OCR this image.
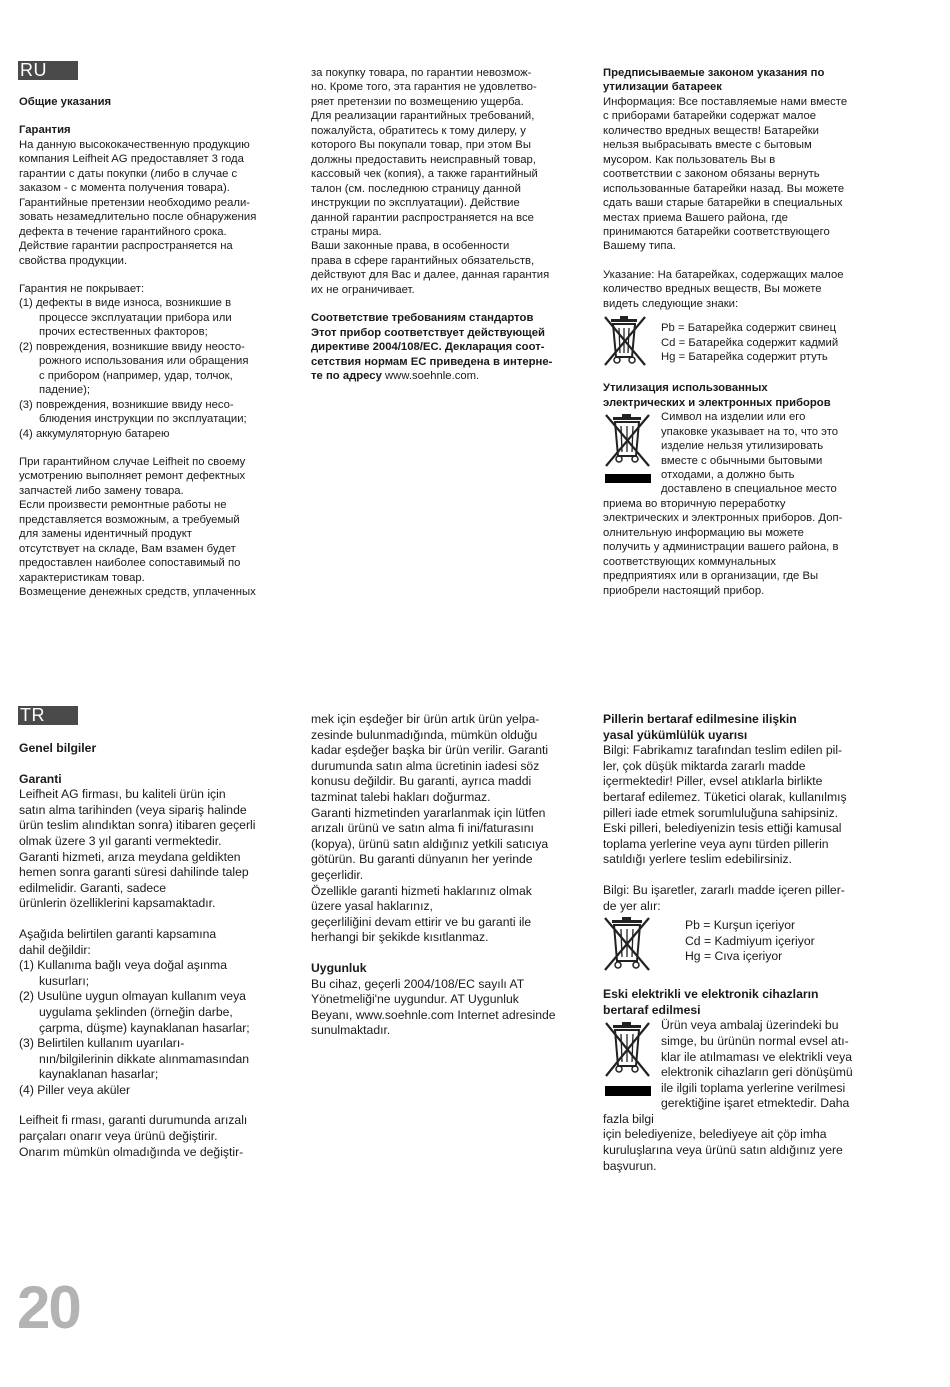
RU

Общие указания

Гарантия

На данную высококачественную продукцию
компания Leifheit AG предоставляет 3 года
гарантии с даты покупки (либо в случае с
заказом - с момента получения товара).
Гарантийные претензии необходимо реали-
зовать незамедлительно после обнаружения
дефекта в течение гарантийного срока.
Действие гарантии распространяется на
свойства продукции.

Гарантия не покрывает:

(1) дефекты в виде износа, возникшие в
процессе эксплуатации прибора или
прочих естественных факторов;

(2) повреждения, возникшие ввиду неосто-
рожного использования или обращения
с прибором (например, удар, толчок,
падение);

(3) повреждения, возникшие ввиду несо-
блюдения инструкции по эксплуатации;

(4) аккумуляторную батарею

При гарантийном случае Leifheit по своему
усмотрению выполняет ремонт дефектных
запчастей либо замену товара.
Если произвести ремонтные работы не
представляется возможным, а требуемый
для замены идентичный продукт
отсутствует на складе, Вам взамен будет
предоставлен наиболее сопоставимый по
характеристикам товар.
Возмещение денежных средств, уплаченных

за покупку товара, по гарантии невозмож-
но. Кроме того, эта гарантия не удовлетво-
ряет претензии по возмещению ущерба.
Для реализации гарантийных требований,
пожалуйста, обратитесь к тому дилеру, у
которого Вы покупали товар, при этом Вы
должны предоставить неисправный товар,
кассовый чек (копия), а также гарантийный
талон (см. последнюю страницу данной
инструкции по эксплуатации). Действие
данной гарантии распространяется на все
страны мира.
Ваши законные права, в особенности
права в сфере гарантийных обязательств,
действуют для Вас и далее, данная гарантия
их не ограничивает.

Соответствие требованиям стандартов

Этот прибор соответствует действующей
директиве 2004/108/EC. Декларация соот-
сетствия нормам ЕС приведена в интерне-
те по адресу www.soehnle.com.

Предписываемые законом указания по
утилизации батареек

Информация: Все поставляемые нами вместе
с приборами батарейки содержат малое
количество вредных веществ! Батарейки
нельзя выбрасывать вместе с бытовым
мусором. Как пользователь Вы в
соответствии с законом обязаны вернуть
использованные батарейки назад. Вы можете
сдать ваши старые батарейки в специальных
местах приема Вашего района, где
принимаются батарейки соответствующего
Вашему типа.

Указание: На батарейках, содержащих малое
количество вредных веществ, Вы можете
видеть следующие знаки:

Pb = Батарейка содержит свинец

Cd = Батарейка содержит кадмий

Hg = Батарейка содержит ртуть

Утилизация использованных
электрических и электронных приборов

Символ на изделии или его
упаковке указывает на то, что это
изделие нельзя утилизировать
вместе с обычными бытовыми
отходами, а должно быть
доставлено в специальное место
приема во вторичную переработку
электрических и электронных приборов. Доп-
олнительную информацию вы можете
получить у администрации вашего района, в
соответствующих коммунальных
предприятиях или в организации, где Вы
приобрели настоящий прибор.

TR

Genel bilgiler

Garanti

Leifheit AG firması, bu kaliteli ürün için
satın alma tarihinden (veya sipariş halinde
ürün teslim alındıktan sonra) itibaren geçerli
olmak üzere 3 yıl garanti vermektedir.
Garanti hizmeti, arıza meydana geldikten
hemen sonra garanti süresi dahilinde talep
edilmelidir. Garanti, sadece
ürünlerin özelliklerini kapsamaktadır.

Aşağıda belirtilen garanti kapsamına
dahil değildir:

(1) Kullanıma bağlı veya doğal aşınma
kusurları;

(2) Usulüne uygun olmayan kullanım veya
uygulama şeklinden (örneğin darbe,
çarpma, düşme) kaynaklanan hasarlar;

(3) Belirtilen kullanım uyarıları-
nın/bilgilerinin dikkate alınmamasından
kaynaklanan hasarlar;

(4) Piller veya aküler

Leifheit fi rması, garanti durumunda arızalı
parçaları onarır veya ürünü değiştirir.
Onarım mümkün olmadığında ve değiştir-

mek için eşdeğer bir ürün artık ürün yelpa-
zesinde bulunmadığında, mümkün olduğu
kadar eşdeğer başka bir ürün verilir. Garanti
durumunda satın alma ücretinin iadesi söz
konusu değildir. Bu garanti, ayrıca maddi
tazminat talebi hakları doğurmaz.
Garanti hizmetinden yararlanmak için lütfen
arızalı ürünü ve satın alma fi ini/faturasını
(kopya), ürünü satın aldığınız yetkili satıcıya
götürün. Bu garanti dünyanın her yerinde
geçerlidir.
Özellikle garanti hizmeti haklarınız olmak
üzere yasal haklarınız,
geçerliliğini devam ettirir ve bu garanti ile
herhangi bir şekikde kısıtlanmaz.

Uygunluk

Bu cihaz, geçerli 2004/108/EC sayılı AT
Yönetmeliği'ne uygundur. AT Uygunluk
Beyanı, www.soehnle.com Internet adresinde
sunulmaktadır.

Pillerin bertaraf edilmesine ilişkin
yasal yükümlülük uyarısı

Bilgi: Fabrikamız tarafından teslim edilen pil-
ler, çok düşük miktarda zararlı madde
içermektedir! Piller, evsel atıklarla birlikte
bertaraf edilemez. Tüketici olarak, kullanılmış
pilleri iade etmek sorumluluğuna sahipsiniz.
Eski pilleri, belediyenizin tesis ettiği kamusal
toplama yerlerine veya aynı türden pillerin
satıldığı yerlere teslim edebilirsiniz.

Bilgi: Bu işaretler, zararlı madde içeren piller-
de yer alır:

Pb = Kurşun içeriyor

Cd = Kadmiyum içeriyor

Hg = Cıva içeriyor

Eski elektrikli ve elektronik cihazların
bertaraf edilmesi

Ürün veya ambalaj üzerindeki bu
simge, bu ürünün normal evsel atı-
klar ile atılmaması ve elektrikli veya
elektronik cihazların geri dönüşümü
ile ilgili toplama yerlerine verilmesi
gerektiğine işaret etmektedir. Daha fazla bilgi
için belediyenize, belediyeye ait çöp imha
kuruluşlarına veya ürünü satın aldığınız yere
başvurun.

20
